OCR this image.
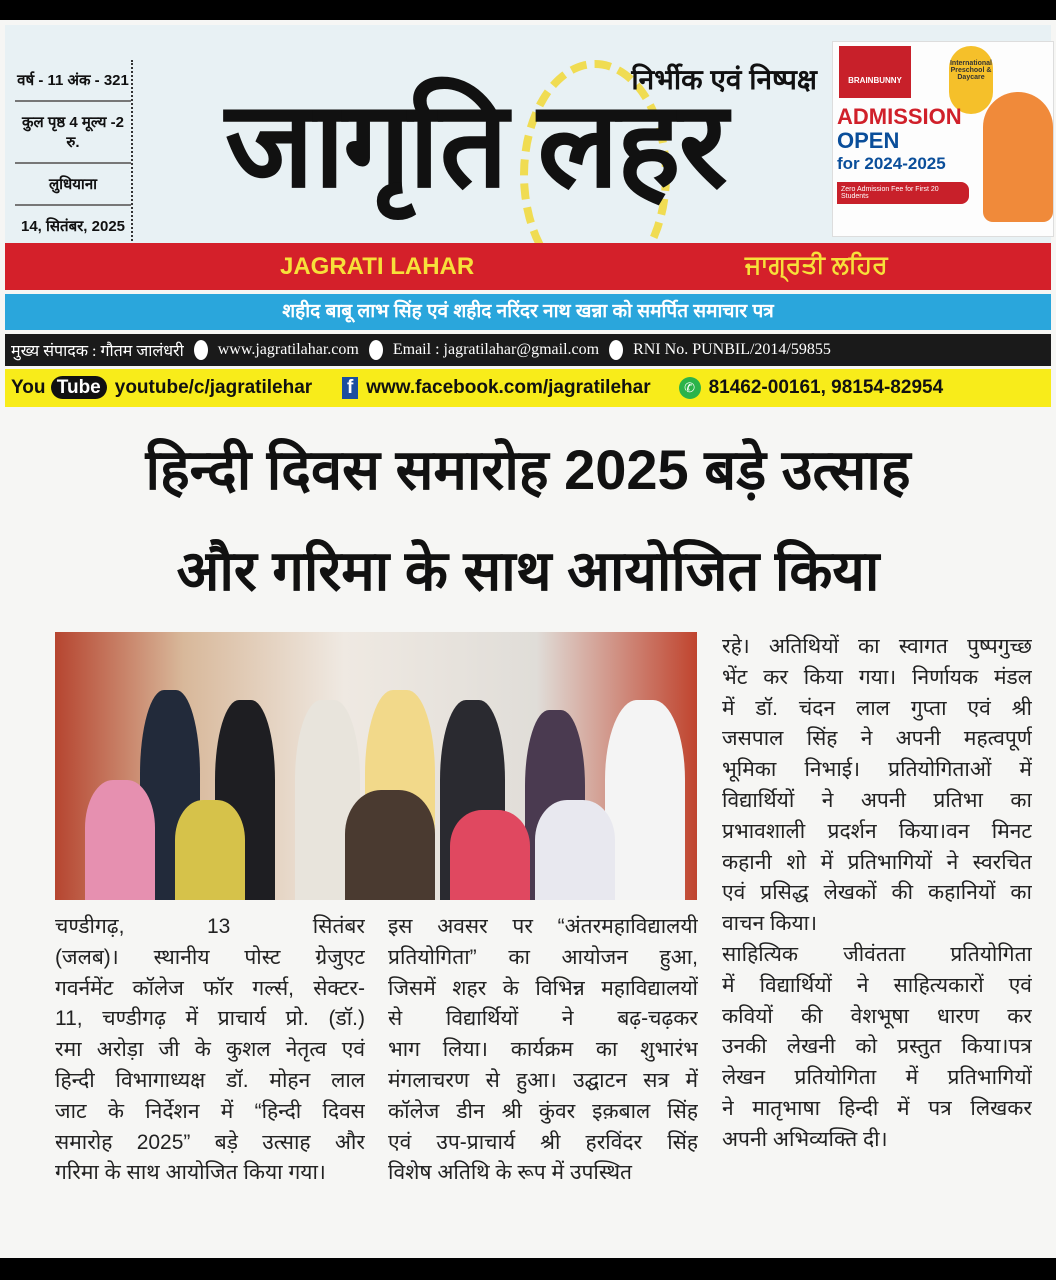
वर्ष - 11 अंक - 321
कुल पृष्ठ 4 मूल्य -2 रु.
लुधियाना
14, सितंबर, 2025
जागृति लहर
निर्भीक एवं निष्पक्ष	BRAINBUNNY
International Preschool & Daycare
ADMISSION
OPEN
for 2024-2025
Zero Admission Fee for First 20 Students
JAGRATI LAHAR	ਜਾਗ੍ਰਤੀ ਲਹਿਰ
शहीद बाबू लाभ सिंह एवं शहीद नरिंदर नाथ खन्ना को समर्पित समाचार पत्र
मुख्य संपादक : गौतम जालंधरी www.jagratilahar.com Email : jagratilahar@gmail.com RNI No. PUNBIL/2014/59855
You Tube youtube/c/jagratilehar f www.facebook.com/jagratilehar	✆ 81462-00161, 98154-82954
हिन्दी दिवस समारोह 2025 बड़े उत्साह
और गरिमा के साथ आयोजित किया
चण्डीगढ़, 13 सितंबर
(जलब)। स्थानीय पोस्ट ग्रेजुएट
गवर्नमेंट कॉलेज फॉर गर्ल्स, सेक्टर-
11, चण्डीगढ़ में प्राचार्य प्रो. (डॉ.)
रमा अरोड़ा जी के कुशल नेतृत्व एवं
हिन्दी विभागाध्यक्ष डॉ. मोहन लाल
जाट के निर्देशन में “हिन्दी दिवस
समारोह 2025” बड़े उत्साह और
गरिमा के साथ आयोजित किया गया।
इस अवसर पर “अंतरमहाविद्यालयी
प्रतियोगिता” का आयोजन हुआ,
जिसमें शहर के विभिन्न महाविद्यालयों
से विद्यार्थियों ने बढ़-चढ़कर
भाग लिया। कार्यक्रम का शुभारंभ
मंगलाचरण से हुआ। उद्घाटन सत्र में
कॉलेज डीन श्री कुंवर इक़बाल सिंह
एवं उप-प्राचार्य श्री हरविंदर सिंह
विशेष अतिथि के रूप में उपस्थित
रहे। अतिथियों का स्वागत पुष्पगुच्छ
भेंट कर किया गया। निर्णायक मंडल
में डॉ. चंदन लाल गुप्ता एवं श्री
जसपाल सिंह ने अपनी महत्वपूर्ण
भूमिका निभाई। प्रतियोगिताओं में
विद्यार्थियों ने अपनी प्रतिभा का
प्रभावशाली प्रदर्शन किया।वन मिनट
कहानी शो में प्रतिभागियों ने स्वरचित
एवं प्रसिद्ध लेखकों की कहानियों का
वाचन किया।
साहित्यिक जीवंतता प्रतियोगिता
में विद्यार्थियों ने साहित्यकारों एवं
कवियों की वेशभूषा धारण कर
उनकी लेखनी को प्रस्तुत किया।पत्र
लेखन प्रतियोगिता में प्रतिभागियों
ने मातृभाषा हिन्दी में पत्र लिखकर
अपनी अभिव्यक्ति दी।
